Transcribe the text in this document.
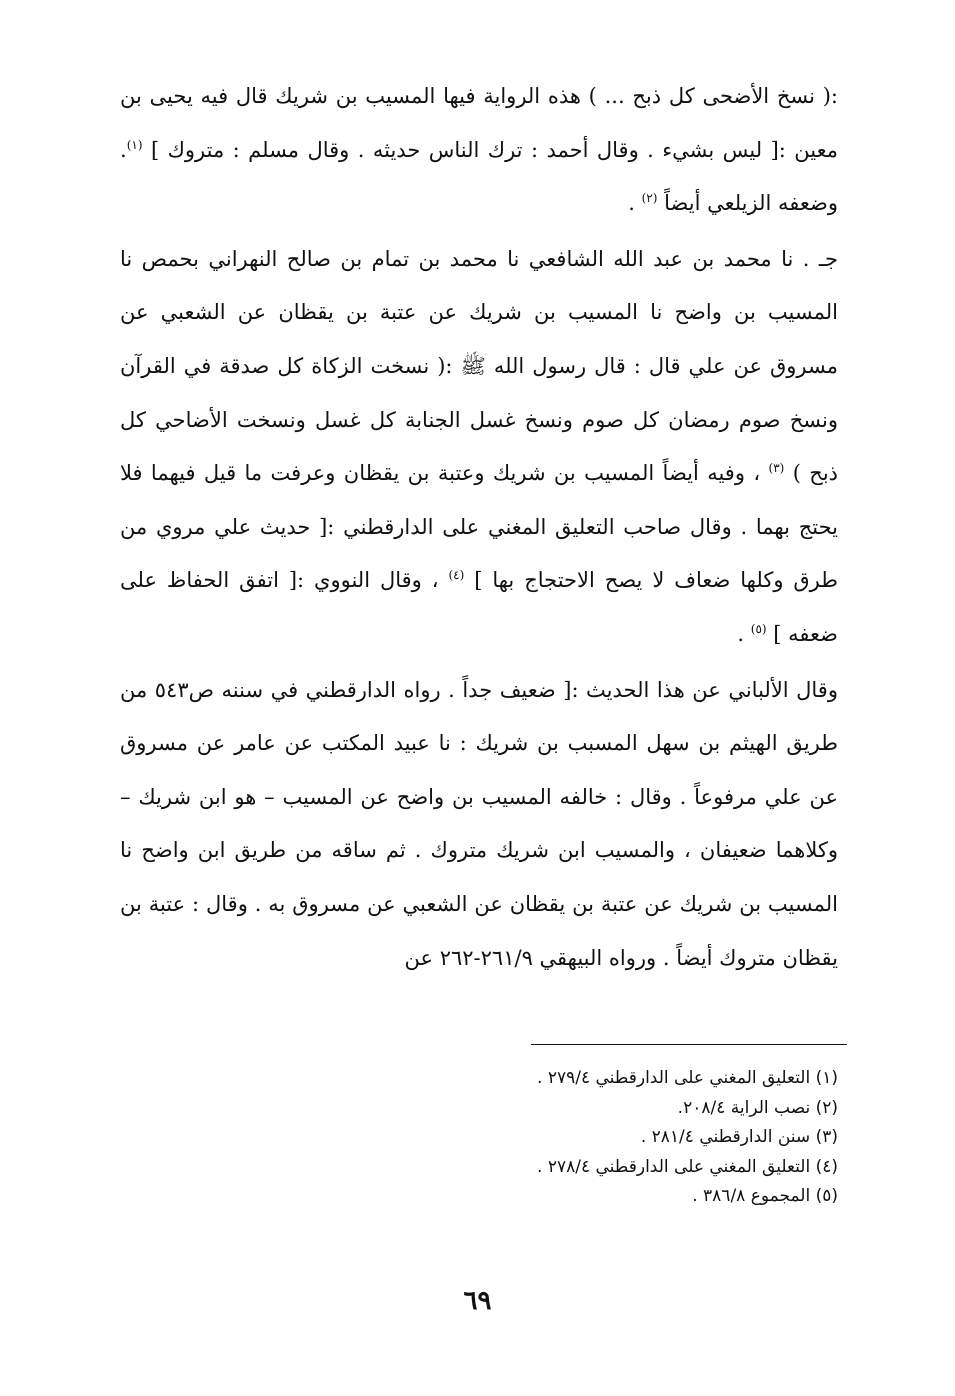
:( نسخ الأضحى كل ذبح ... ) هذه الرواية فيها المسيب بن شريك قال فيه يحيى بن معين :[ ليس بشيء . وقال أحمد : ترك الناس حديثه . وقال مسلم : متروك ] $^{(١)}$. وضعفه الزيلعي أيضاً $^{(٢)}$ .

جـ . نا محمد بن عبد الله الشافعي نا محمد بن تمام بن صالح النهراني بحمص نا المسيب بن واضح نا المسيب بن شريك عن عتبة بن يقظان عن الشعبي عن مسروق عن علي قال : قال رسول الله ﷺ :( نسخت الزكاة كل صدقة في القرآن ونسخ صوم رمضان كل صوم ونسخ غسل الجنابة كل غسل ونسخت الأضاحي كل ذبح ) $^{(٣)}$ ، وفيه أيضاً المسيب بن شريك وعتبة بن يقظان وعرفت ما قيل فيهما فلا يحتج بهما . وقال صاحب التعليق المغني على الدارقطني :[ حديث علي مروي من طرق وكلها ضعاف لا يصح الاحتجاج بها ] $^{(٤)}$ ، وقال النووي :[ اتفق الحفاظ على ضعفه ] $^{(٥)}$ .

وقال الألباني عن هذا الحديث :[ ضعيف جداً . رواه الدارقطني في سننه ص٥٤٣ من طريق الهيثم بن سهل المسبب بن شريك : نا عبيد المكتب عن عامر عن مسروق عن علي مرفوعاً . وقال : خالفه المسيب بن واضح عن المسيب – هو ابن شريك – وكلاهما ضعيفان ، والمسيب ابن شريك متروك . ثم ساقه من طريق ابن واضح نا المسيب بن شريك عن عتبة بن يقظان عن الشعبي عن مسروق به . وقال : عتبة بن يقظان متروك أيضاً . ورواه البيهقي ٢٦١/٩-٢٦٢ عن

(١) التعليق المغني على الدارقطني ٢٧٩/٤ .
(٢) نصب الراية ٢٠٨/٤.
(٣) سنن الدارقطني ٢٨١/٤ .
(٤) التعليق المغني على الدارقطني ٢٧٨/٤ .
(٥) المجموع ٣٨٦/٨ .
٦٩
